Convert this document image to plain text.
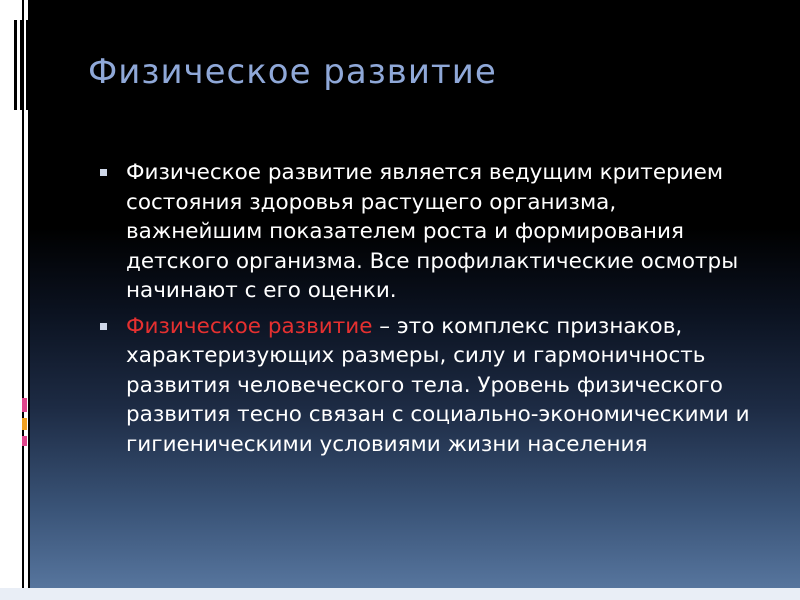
Физическое развитие
Физическое развитие является ведущим критерием состояния здоровья растущего организма, важнейшим показателем роста и формирования детского организма. Все профилактические осмотры начинают с его оценки.
Физическое развитие – это комплекс признаков, характеризующих размеры, силу и гармоничность развития человеческого тела. Уровень физического развития тесно связан с социально-экономическими и гигиеническими условиями жизни населения
